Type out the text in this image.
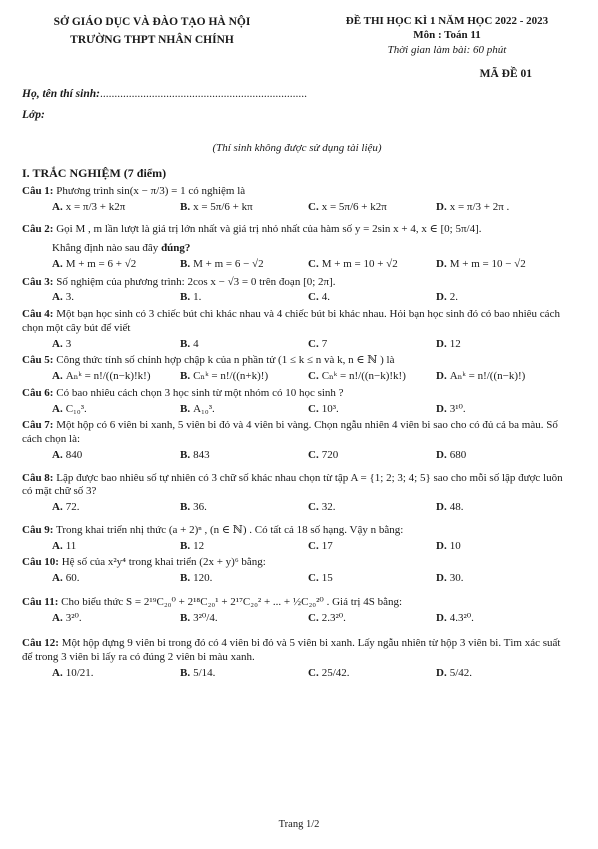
SỞ GIÁO DỤC VÀ ĐÀO TẠO HÀ NỘI
TRƯỜNG THPT NHÂN CHÍNH
ĐỀ THI HỌC KÌ 1 NĂM HỌC 2022 - 2023
Môn : Toán 11
Thời gian làm bài: 60 phút
MÃ ĐỀ 01
Họ, tên thí sinh:........................................................................
Lớp:
(Thí sinh không được sử dụng tài liệu)
I. TRẮC NGHIỆM (7 điểm)
Câu 1: Phương trình sin(x − π/3) = 1 có nghiệm là
A. x = π/3 + k2π	B. x = 5π/6 + kπ	C. x = 5π/6 + k2π	D. x = π/3 + 2π .
Câu 2: Gọi M , m lần lượt là giá trị lớn nhất và giá trị nhỏ nhất của hàm số y = 2sin x + 4, x ∈ [0; 5π/4].
Khẳng định nào sau đây đúng?
A. M + m = 6 + √2	B. M + m = 6 − √2	C. M + m = 10 + √2	D. M + m = 10 − √2
Câu 3: Số nghiệm của phương trình: 2cos x − √3 = 0 trên đoạn [0; 2π].
A. 3.	B. 1.	C. 4.	D. 2.
Câu 4: Một bạn học sinh có 3 chiếc bút chì khác nhau và 4 chiếc bút bi khác nhau. Hỏi bạn học sinh đó có bao nhiêu cách chọn một cây bút để viết
A. 3	B. 4	C. 7	D. 12
Câu 5: Công thức tính số chỉnh hợp chập k của n phần tử (1 ≤ k ≤ n và k, n ∈ ℕ ) là
A. Aₙᵏ = n!/((n−k)!k!)	B. Cₙᵏ = n!/((n+k)!)	C. Cₙᵏ = n!/((n−k)!k!)	D. Aₙᵏ = n!/((n−k)!)
Câu 6: Có bao nhiêu cách chọn 3 học sinh từ một nhóm có 10 học sinh ?
A. C₁₀³.	B. A₁₀³.	C. 10³.	D. 3¹⁰.
Câu 7: Một hộp có 6 viên bi xanh, 5 viên bi đỏ và 4 viên bi vàng. Chọn ngẫu nhiên 4 viên bi sao cho có đủ cả ba màu. Số cách chọn là:
A. 840	B. 843	C. 720	D. 680
Câu 8: Lập được bao nhiêu số tự nhiên có 3 chữ số khác nhau chọn từ tập A = {1; 2; 3; 4; 5} sao cho mỗi số lập được luôn có mặt chữ số 3?
A. 72.	B. 36.	C. 32.	D. 48.
Câu 9: Trong khai triển nhị thức (a + 2)ⁿ , (n ∈ ℕ) . Có tất cả 18 số hạng. Vậy n bằng:
A. 11	B. 12	C. 17	D. 10
Câu 10: Hệ số của x²y⁴ trong khai triển (2x + y)⁶ bằng:
A. 60.	B. 120.	C. 15	D. 30.
Câu 11: Cho biểu thức S = 2¹⁹C₂₀⁰ + 2¹⁸C₂₀¹ + 2¹⁷C₂₀² + ... + ½C₂₀²⁰ . Giá trị 4S bằng:
A. 3²⁰.	B. 3²⁰/4.	C. 2.3²⁰.	D. 4.3²⁰.
Câu 12: Một hộp đựng 9 viên bi trong đó có 4 viên bi đỏ và 5 viên bi xanh. Lấy ngẫu nhiên từ hộp 3 viên bi. Tìm xác suất để trong 3 viên bi lấy ra có đúng 2 viên bi màu xanh.
A. 10/21.	B. 5/14.	C. 25/42.	D. 5/42.
Trang 1/2
